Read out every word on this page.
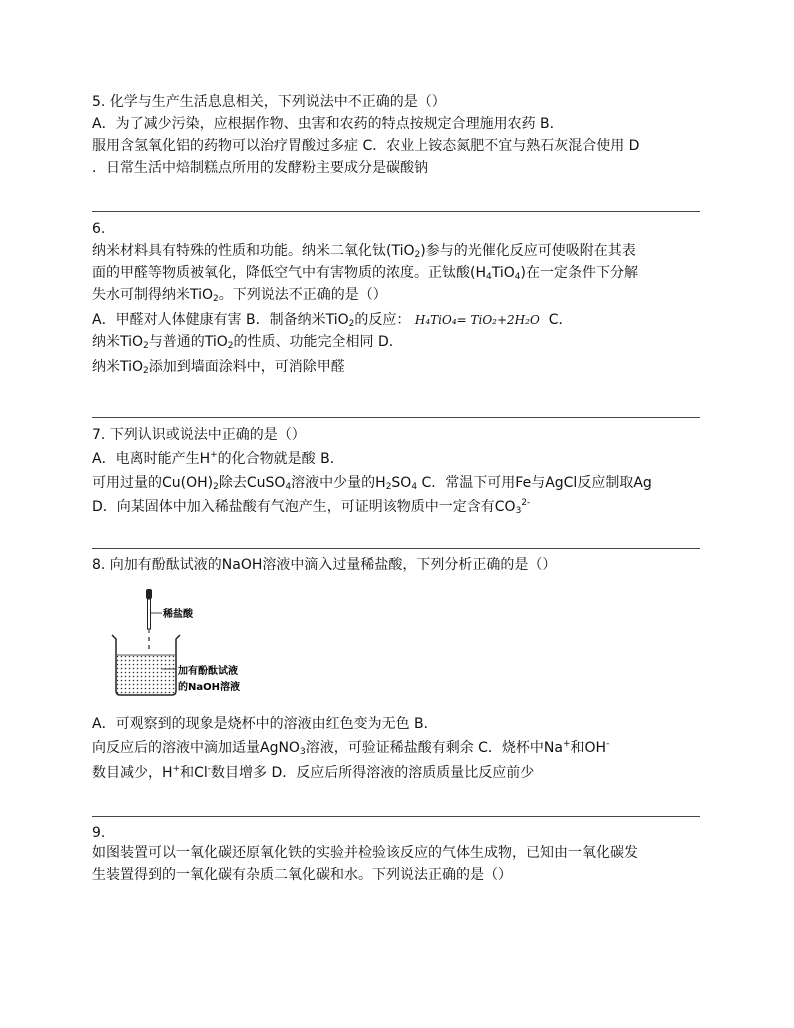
5. 化学与生产生活息息相关，下列说法中不正确的是（）

A．为了减少污染，应根据作物、虫害和农药的特点按规定合理施用农药 B．

服用含氢氧化铝的药物可以治疗胃酸过多症 C．农业上铵态氮肥不宜与熟石灰混合使用 D

．日常生活中焙制糕点所用的发酵粉主要成分是碳酸钠

6.

纳米材料具有特殊的性质和功能。纳米二氧化钛(TiO$_2$)参与的光催化反应可使吸附在其表

面的甲醛等物质被氧化，降低空气中有害物质的浓度。正钛酸$(H_4TiO_4)$在一定条件下分解

失水可制得纳米TiO$_2$。下列说法不正确的是（）

A．甲醛对人体健康有害 B．制备纳米TiO$_2$的反应： H₄TiO₄= TiO₂+2H₂O C．

纳米TiO$_2$与普通的TiO$_2$的性质、功能完全相同 D．

纳米TiO$_2$添加到墙面涂料中，可消除甲醛

7. 下列认识或说法中正确的是（）

A．电离时能产生H+的化合物就是酸 B．

可用过量的$Cu(OH)_2$除去CuSO$_4$溶液中少量的$H_2SO_4$ C．常温下可用Fe与AgCl反应制取Ag

D．向某固体中加入稀盐酸有气泡产生，可证明该物质中一定含有$CO_3^{2-}$

8. 向加有酚酞试液的NaOH溶液中滴入过量稀盐酸，下列分析正确的是（）

稀盐酸
加有酚酞试液
的NaOH溶液

A．可观察到的现象是烧杯中的溶液由红色变为无色 B．

向反应后的溶液中滴加适量AgNO$_3$溶液，可验证稀盐酸有剩余 C．烧杯中Na+和OH-

数目减少，H+和Cl-数目增多 D．反应后所得溶液的溶质质量比反应前少

9.

如图装置可以一氧化碳还原氧化铁的实验并检验该反应的气体生成物，已知由一氧化碳发

生装置得到的一氧化碳有杂质二氧化碳和水。下列说法正确的是（）
